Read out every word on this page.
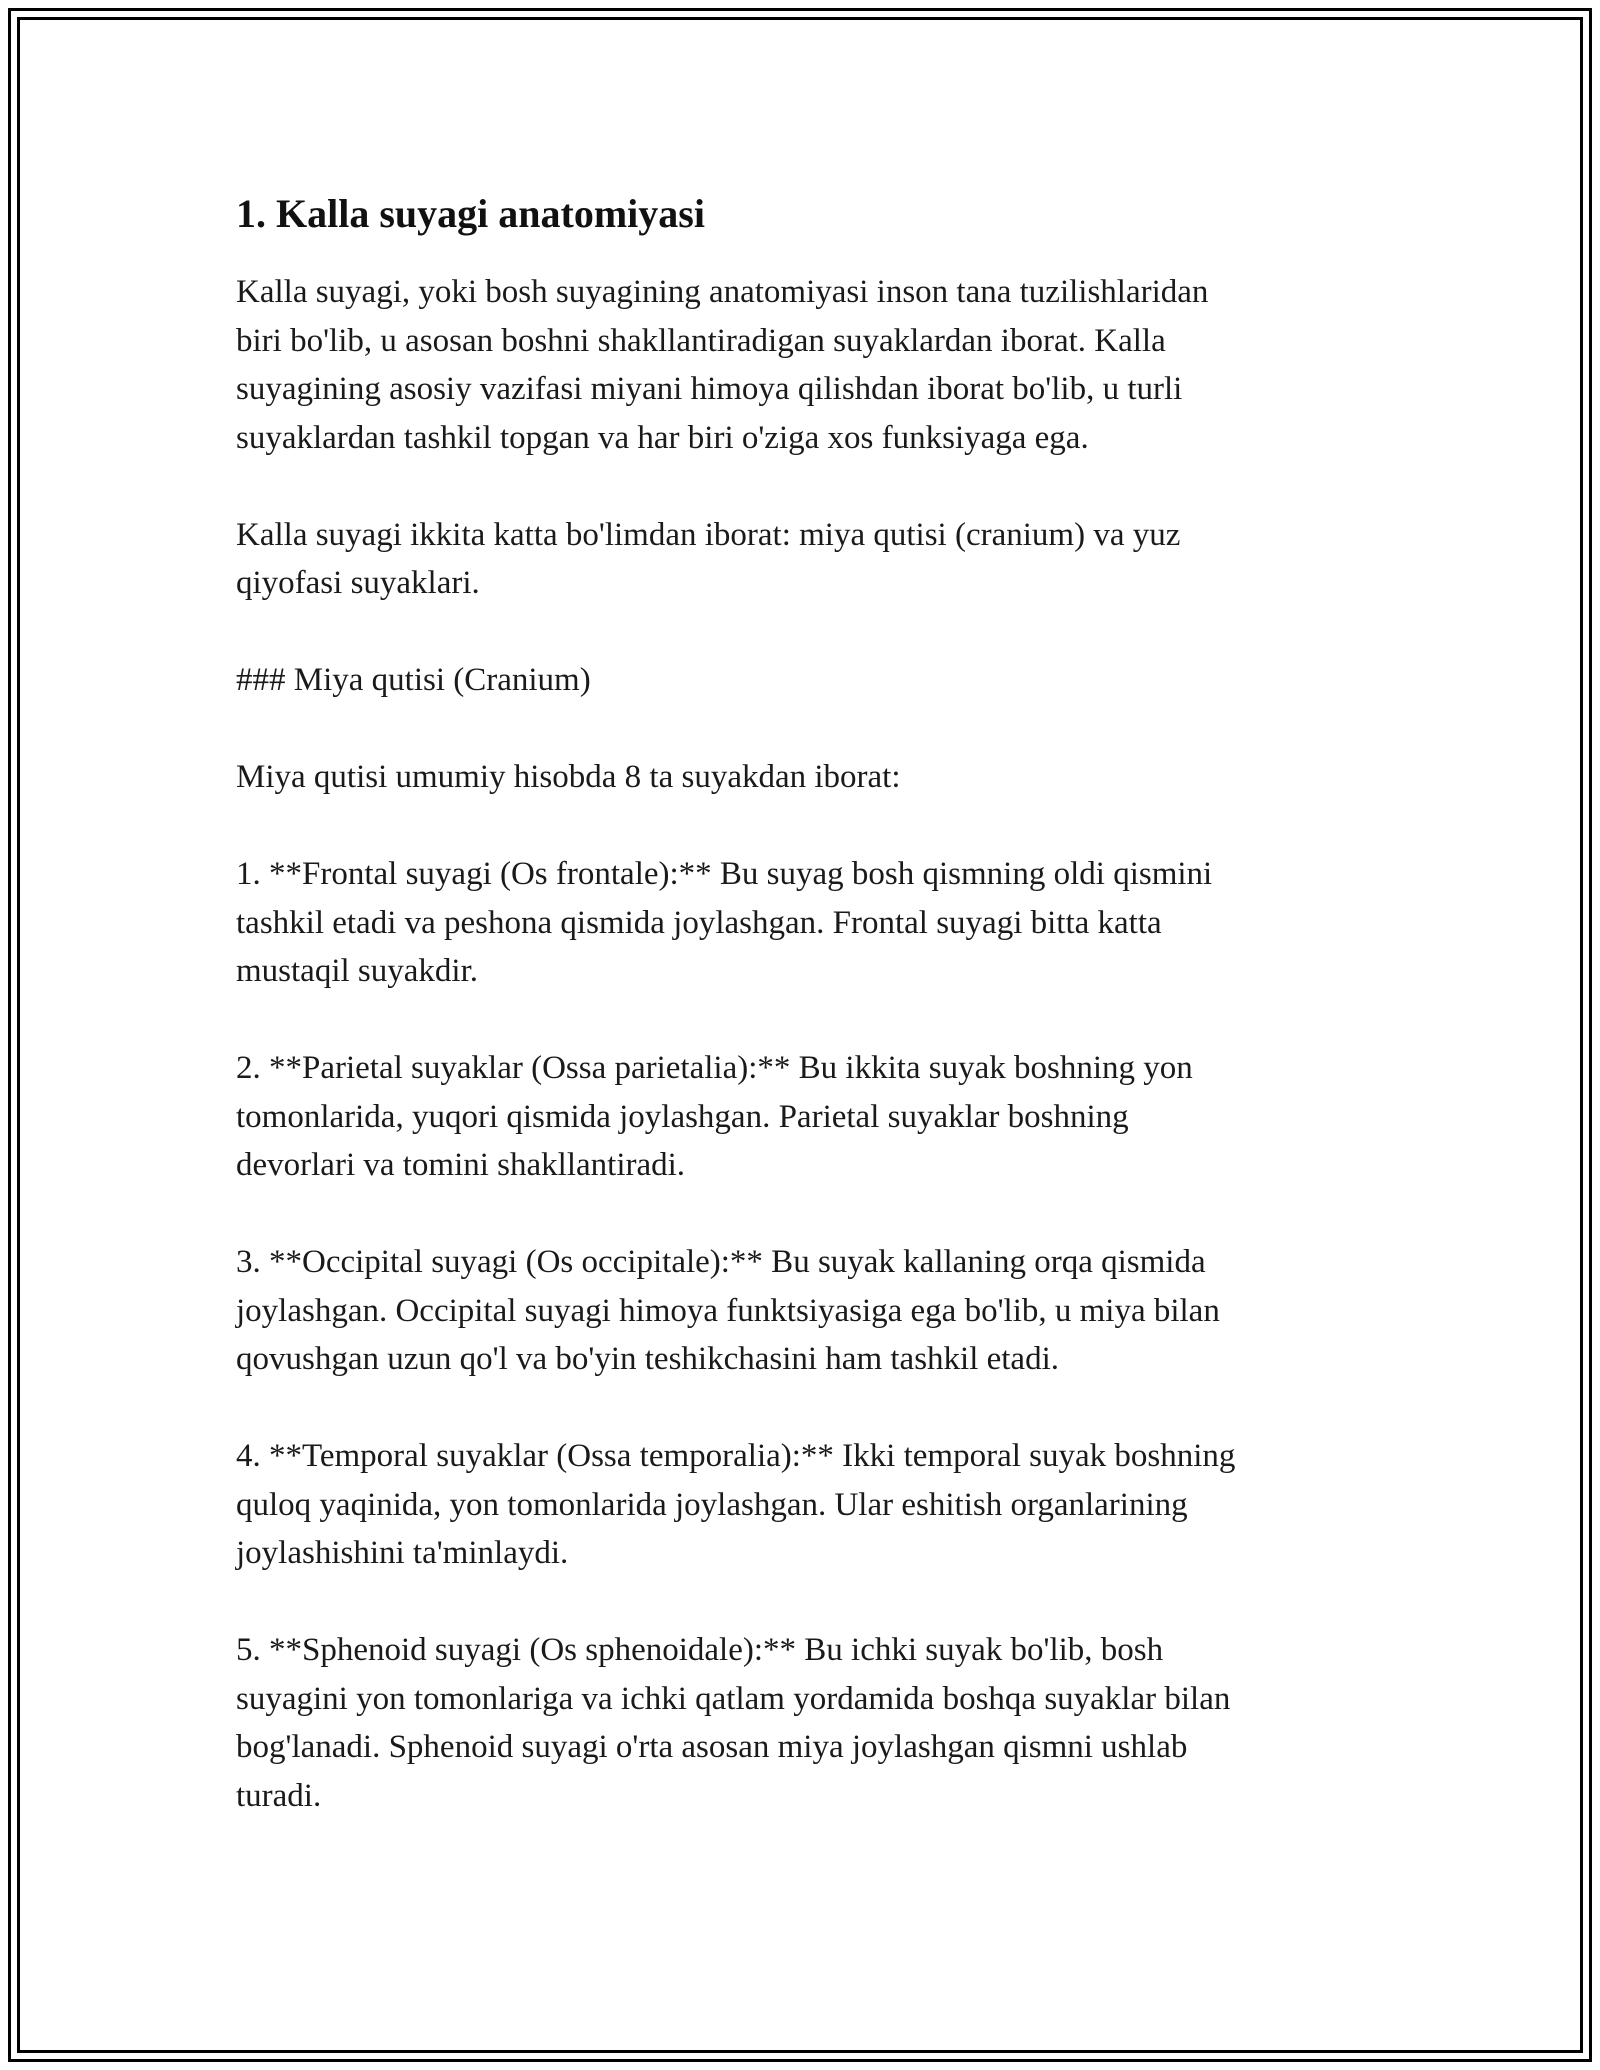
1. Kalla suyagi anatomiyasi

Kalla suyagi, yoki bosh suyagining anatomiyasi inson tana tuzilishlaridan
biri bo'lib, u asosan boshni shakllantiradigan suyaklardan iborat. Kalla
suyagining asosiy vazifasi miyani himoya qilishdan iborat bo'lib, u turli
suyaklardan tashkil topgan va har biri o'ziga xos funksiyaga ega.

Kalla suyagi ikkita katta bo'limdan iborat: miya qutisi (cranium) va yuz
qiyofasi suyaklari.

### Miya qutisi (Cranium)

Miya qutisi umumiy hisobda 8 ta suyakdan iborat:

1. **Frontal suyagi (Os frontale):** Bu suyag bosh qismning oldi qismini
tashkil etadi va peshona qismida joylashgan. Frontal suyagi bitta katta
mustaqil suyakdir.

2. **Parietal suyaklar (Ossa parietalia):** Bu ikkita suyak boshning yon
tomonlarida, yuqori qismida joylashgan. Parietal suyaklar boshning
devorlari va tomini shakllantiradi.

3. **Occipital suyagi (Os occipitale):** Bu suyak kallaning orqa qismida
joylashgan. Occipital suyagi himoya funktsiyasiga ega bo'lib, u miya bilan
qovushgan uzun qo'l va bo'yin teshikchasini ham tashkil etadi.

4. **Temporal suyaklar (Ossa temporalia):** Ikki temporal suyak boshning
quloq yaqinida, yon tomonlarida joylashgan. Ular eshitish organlarining
joylashishini ta'minlaydi.

5. **Sphenoid suyagi (Os sphenoidale):** Bu ichki suyak bo'lib, bosh
suyagini yon tomonlariga va ichki qatlam yordamida boshqa suyaklar bilan
bog'lanadi. Sphenoid suyagi o'rta asosan miya joylashgan qismni ushlab
turadi.
